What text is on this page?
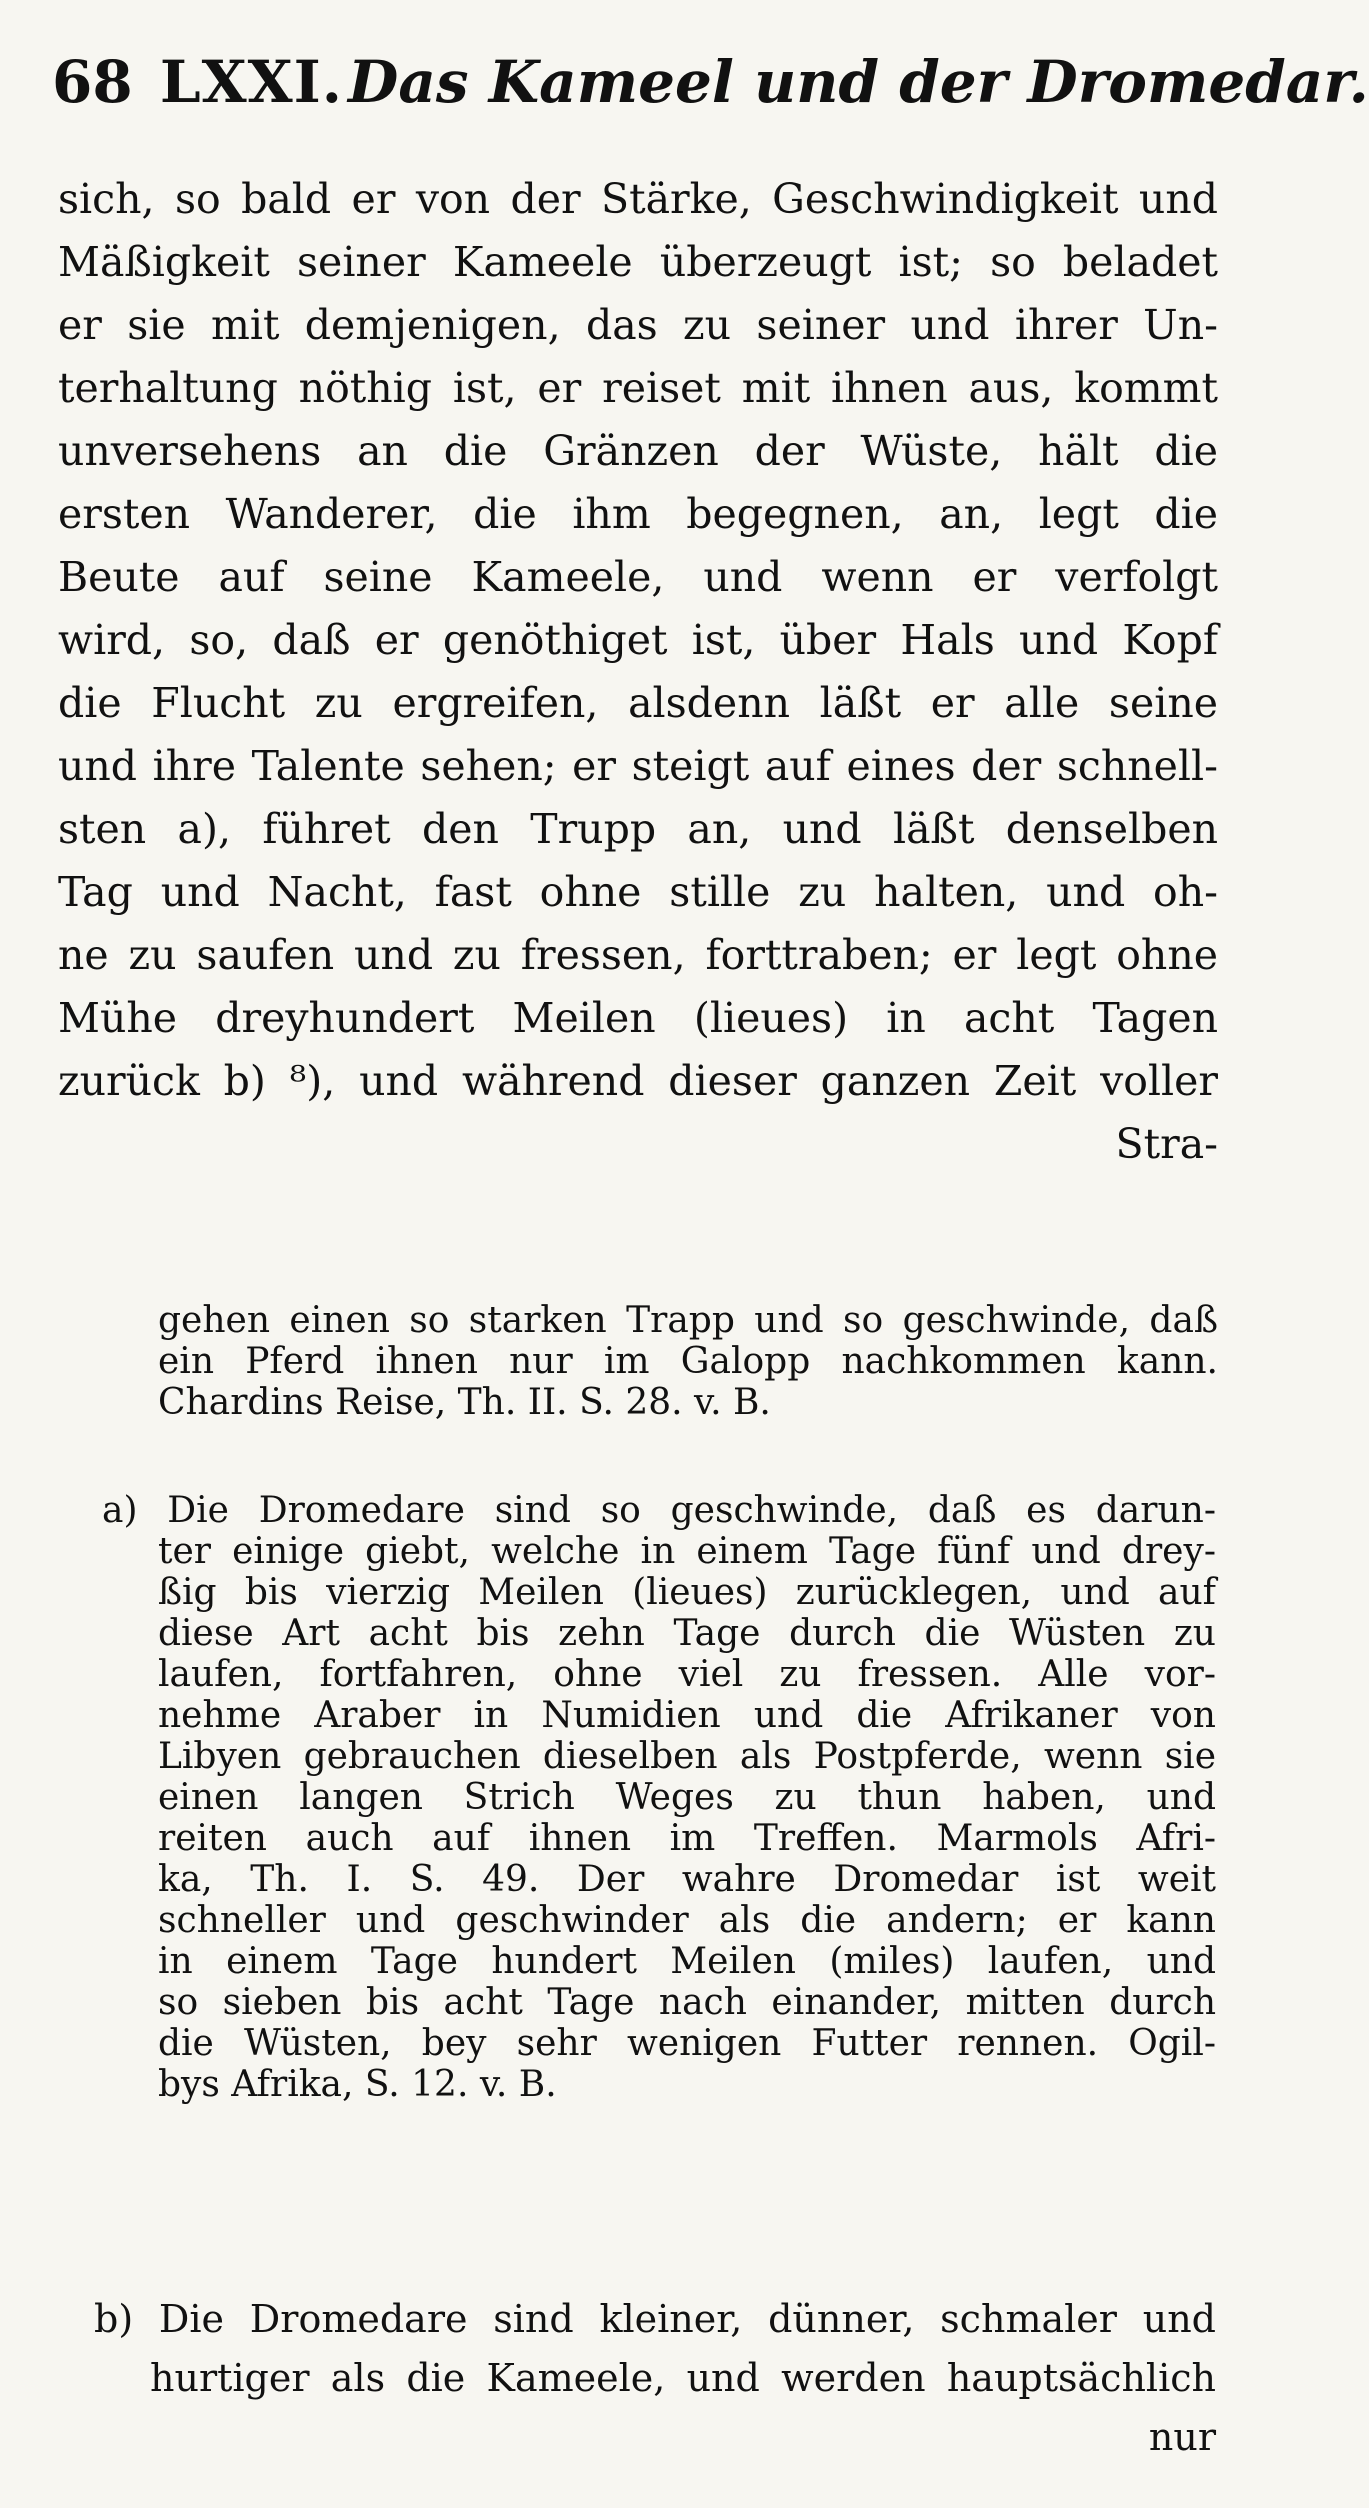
68 LXXI. Das Kameel und der Dromedar.
sich, so bald er von der Stärke, Geschwindigkeit und
Mäßigkeit seiner Kameele überzeugt ist; so beladet
er sie mit demjenigen, das zu seiner und ihrer Un-
terhaltung nöthig ist, er reiset mit ihnen aus, kommt
unversehens an die Gränzen der Wüste, hält die
ersten Wanderer, die ihm begegnen, an, legt die
Beute auf seine Kameele, und wenn er verfolgt
wird, so, daß er genöthiget ist, über Hals und Kopf
die Flucht zu ergreifen, alsdenn läßt er alle seine
und ihre Talente sehen; er steigt auf eines der schnell-
sten a), führet den Trupp an, und läßt denselben
Tag und Nacht, fast ohne stille zu halten, und oh-
ne zu saufen und zu fressen, forttraben; er legt ohne
Mühe dreyhundert Meilen (lieues) in acht Tagen
zurück b) ⁸), und während dieser ganzen Zeit voller
Stra-
gehen einen so starken Trapp und so geschwinde, daß
ein Pferd ihnen nur im Galopp nachkommen kann.
Chardins Reise, Th. II. S. 28. v. B.
a) Die Dromedare sind so geschwinde, daß es darun-
ter einige giebt, welche in einem Tage fünf und drey-
ßig bis vierzig Meilen (lieues) zurücklegen, und auf
diese Art acht bis zehn Tage durch die Wüsten zu
laufen, fortfahren, ohne viel zu fressen. Alle vor-
nehme Araber in Numidien und die Afrikaner von
Libyen gebrauchen dieselben als Postpferde, wenn sie
einen langen Strich Weges zu thun haben, und
reiten auch auf ihnen im Treffen. Marmols Afri-
ka, Th. I. S. 49. Der wahre Dromedar ist weit
schneller und geschwinder als die andern; er kann
in einem Tage hundert Meilen (miles) laufen, und
so sieben bis acht Tage nach einander, mitten durch
die Wüsten, bey sehr wenigen Futter rennen. Ogil-
bys Afrika, S. 12. v. B.
b) Die Dromedare sind kleiner, dünner, schmaler und
hurtiger als die Kameele, und werden hauptsächlich
nur
